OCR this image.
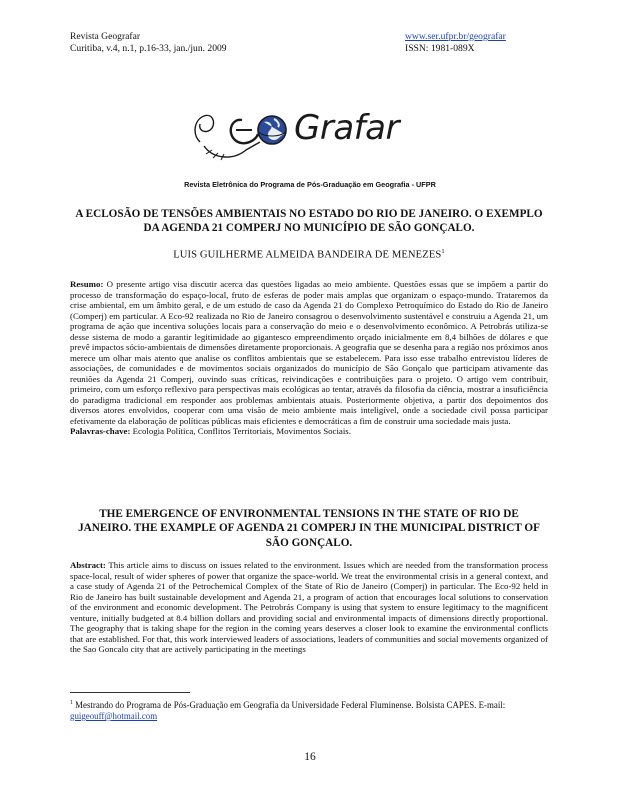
Revista Geografar
Curitiba, v.4, n.1, p.16-33, jan./jun. 2009
www.ser.ufpr.br/geografar
ISSN: 1981-089X
Grafar
Revista Eletrônica do Programa de Pós-Graduação em Geografia - UFPR
A ECLOSÃO DE TENSÕES AMBIENTAIS NO ESTADO DO RIO DE JANEIRO. O EXEMPLO DA AGENDA 21 COMPERJ NO MUNICÍPIO DE SÃO GONÇALO.
LUIS GUILHERME ALMEIDA BANDEIRA DE MENEZES$^1$
Resumo: O presente artigo visa discutir acerca das questões ligadas ao meio ambiente. Questões essas que se impõem a partir do processo de transformação do espaço-local, fruto de esferas de poder mais amplas que organizam o espaço-mundo. Trataremos da crise ambiental, em um âmbito geral, e de um estudo de caso da Agenda 21 do Complexo Petroquímico do Estado do Rio de Janeiro (Comperj) em particular. A Eco-92 realizada no Rio de Janeiro consagrou o desenvolvimento sustentável e construiu a Agenda 21, um programa de ação que incentiva soluções locais para a conservação do meio e o desenvolvimento econômico. A Petrobrás utiliza-se desse sistema de modo a garantir legitimidade ao gigantesco empreendimento orçado inicialmente em 8,4 bilhões de dólares e que prevê impactos sócio-ambientais de dimensões diretamente proporcionais. A geografia que se desenha para a região nos próximos anos merece um olhar mais atento que analise os conflitos ambientais que se estabelecem. Para isso esse trabalho entrevistou líderes de associações, de comunidades e de movimentos sociais organizados do município de São Gonçalo que participam ativamente das reuniões da Agenda 21 Comperj, ouvindo suas críticas, reivindicações e contribuições para o projeto. O artigo vem contribuir, primeiro, com um esforço reflexivo para perspectivas mais ecológicas ao tentar, através da filosofia da ciência, mostrar a insuficiência do paradigma tradicional em responder aos problemas ambientais atuais. Posteriormente objetiva, a partir dos depoimentos dos diversos atores envolvidos, cooperar com uma visão de meio ambiente mais inteligível, onde a sociedade civil possa participar efetivamente da elaboração de políticas públicas mais eficientes e democráticas a fim de construir uma sociedade mais justa.
Palavras-chave: Ecologia Política, Conflitos Territoriais, Movimentos Sociais.
THE EMERGENCE OF ENVIRONMENTAL TENSIONS IN THE STATE OF RIO DE JANEIRO. THE EXAMPLE OF AGENDA 21 COMPERJ IN THE MUNICIPAL DISTRICT OF SÃO GONÇALO.
Abstract: This article aims to discuss on issues related to the environment. Issues which are needed from the transformation process space-local, result of wider spheres of power that organize the space-world. We treat the environmental crisis in a general context, and a case study of Agenda 21 of the Petrochemical Complex of the State of Rio de Janeiro (Comperj) in particular. The Eco-92 held in Rio de Janeiro has built sustainable development and Agenda 21, a program of action that encourages local solutions to conservation of the environment and economic development. The Petrobrás Company is using that system to ensure legitimacy to the magnificent venture, initially budgeted at 8.4 billion dollars and providing social and environmental impacts of dimensions directly proportional. The geography that is taking shape for the region in the coming years deserves a closer look to examine the environmental conflicts that are established. For that, this work interviewed leaders of associations, leaders of communities and social movements organized of the Sao Goncalo city that are actively participating in the meetings
$^1$ Mestrando do Programa de Pós-Graduação em Geografia da Universidade Federal Fluminense. Bolsista CAPES. E-mail: guigeouff@hotmail.com
16
